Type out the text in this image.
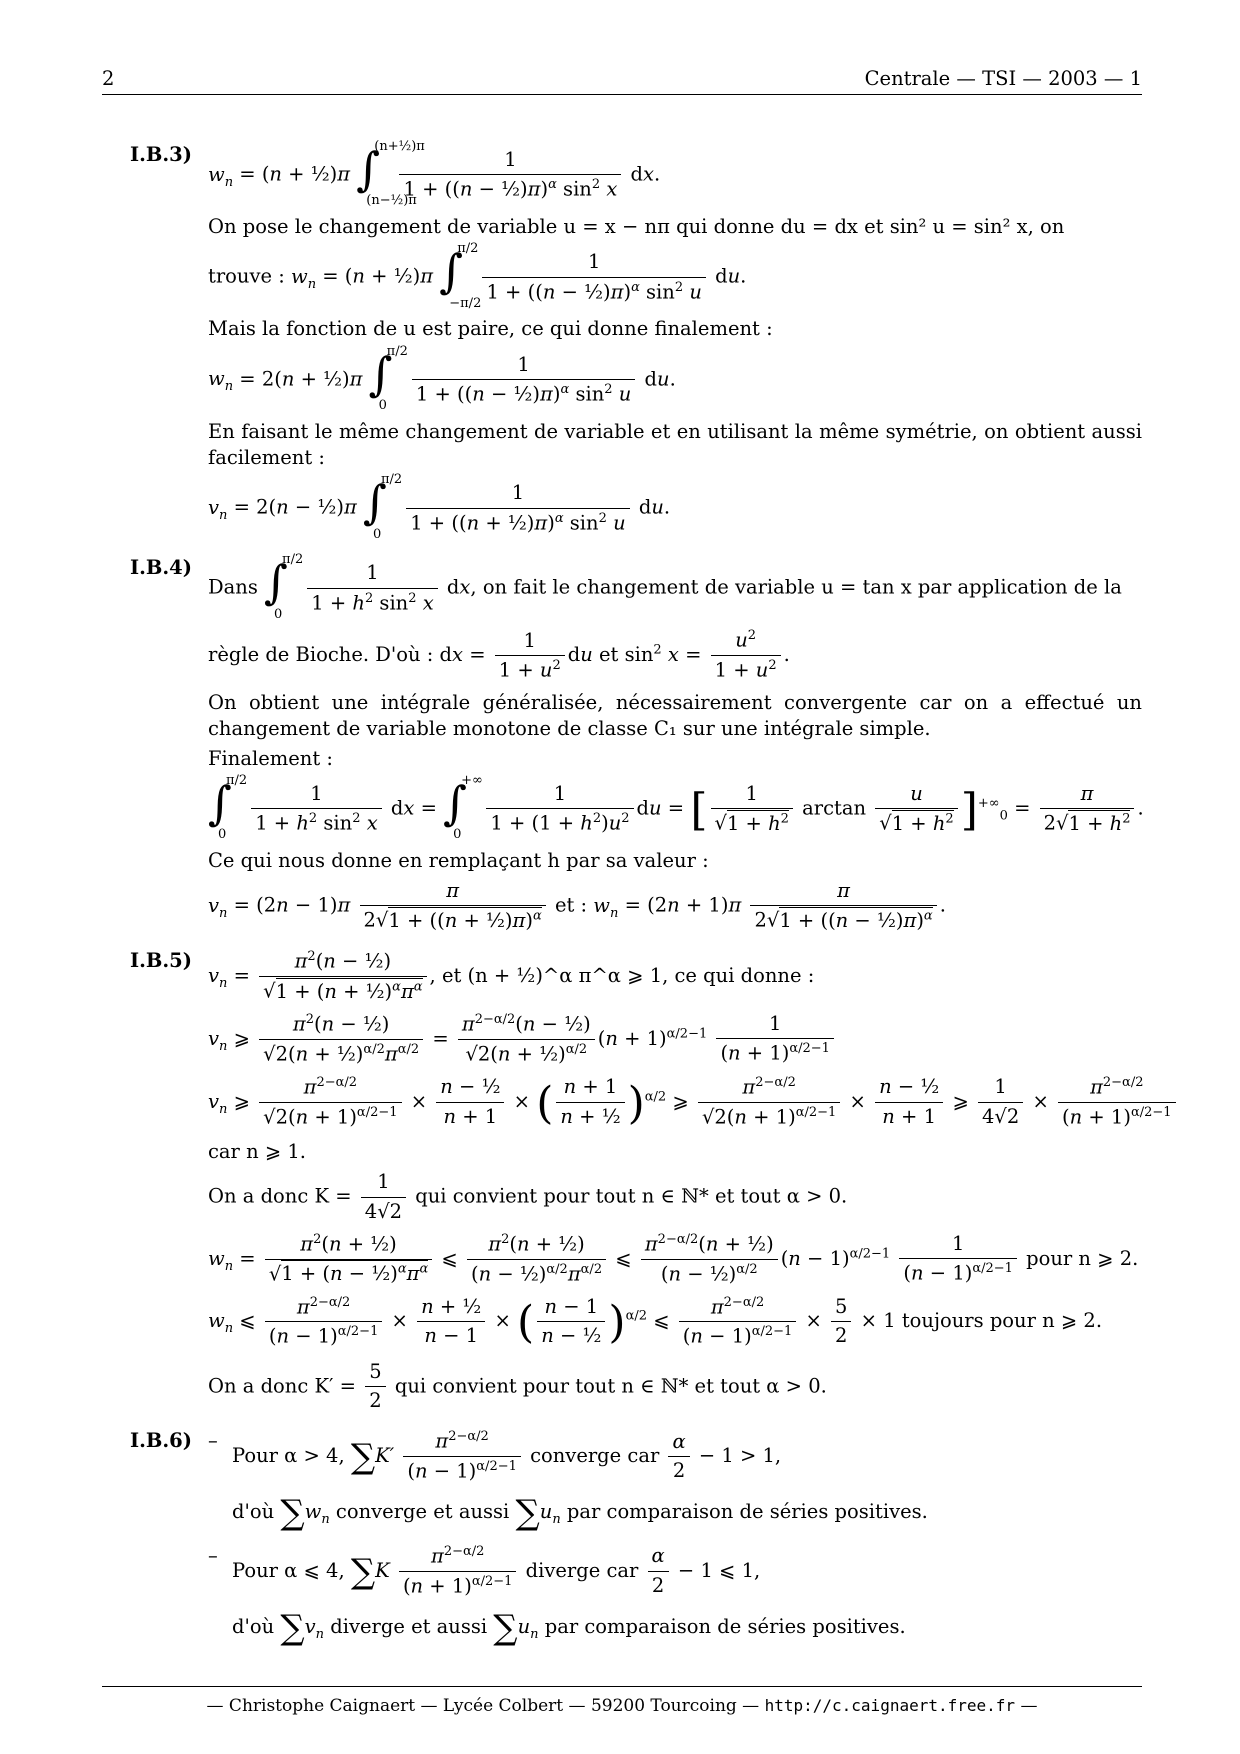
2	Centrale — TSI — 2003 — 1
I.B.3)
$w_n = (n$ + ½)π ∫
(n+½)π
(n−½)π

$\frac{1}{1 + ((n - \frac{1}{2})\pi)^\alpha \sin^2 x}$ dx.
On pose le changement de variable u = x − nπ qui donne du = dx et sin² u = sin² x, on
trouve : $w_n = (n$ + ½)π ∫
π/2
−π/2
$\frac{1}{1 + ((n - \frac{1}{2})\pi)^\alpha \sin^2 u}$ du.
Mais la fonction de u est paire, ce qui donne finalement :
$w_n = 2(n$ + ½)π ∫
π/2
0
$\frac{1}{1 + ((n - \frac{1}{2})\pi)^\alpha \sin^2 u}$ du.
En faisant le même changement de variable et en utilisant la même symétrie, on obtient aussi facilement :
$v_n = 2(n$ − ½)π ∫
π/2
0
$\frac{1}{1 + ((n + \frac{1}{2})\pi)^\alpha \sin^2 u}$ du.
I.B.4)
Dans ∫
π/2
0
$\frac{1}{1 + h^2 \sin^2 x}$ dx, on fait le changement de variable u = tan x par application de la
règle de Bioche. D'où : dx = $\frac{1}{1 + u^2}$ du et $\sin^2 x = \frac{u^2}{1 + u^2}$ .
On obtient une intégrale généralisée, nécessairement convergente car on a effectué un changement de variable monotone de classe C₁ sur une intégrale simple.
Finalement :
∫
π/2
0
$\frac{1}{1 + h^2 \sin^2 x}$ dx = ∫
+∞
0
$\frac{1}{1 + (1 + h^2)u^2}$ du = [ $\frac{1}{√1 + h^2}$ $\arctan \frac{u}{√1 + h^2} ]^{+\infty}_0 = \frac{\pi}{2√1 + h^2}$ .
Ce qui nous donne en remplaçant h par sa valeur :
$v_n = (2n - 1)\pi \frac{\pi}{2√1 + ((n + \frac{1}{2})\pi)^\alpha}$ et : $w_n = (2n + 1)\pi \frac{\pi}{2√1 + ((n - \frac{1}{2})\pi)^\alpha}$ .
I.B.5)
$v_n = \frac{\pi^2(n - \frac{1}{2})}{√1 + (n + \frac{1}{2})^\alpha\pi^\alpha}$ , et (n + ½)^α π^α ⩾ 1, ce qui donne :
$v_n$ ⩾ $\frac{\pi^2(n - \frac{1}{2})}{√2(n + \frac{1}{2})^{\alpha/2}\pi^{\alpha/2}} = \frac{\pi^{2-\alpha/2}(n - \frac{1}{2})}{√2(n + \frac{1}{2})^{\alpha/2}} (n + 1)^{\alpha/2-1} \frac{1}{(n + 1)^{\alpha/2-1}}$
$v_n$ ⩾ $\frac{\pi^{2-\alpha/2}}{√2(n + 1)^{\alpha/2-1}} \times \frac{\text{n − ½}}{n + 1}$ × ( $\frac{n + 1}{\text{n + ½}} )^{\alpha/2}$ ⩾ $\frac{\pi^{2-\alpha/2}}{√2(n + 1)^{\alpha/2-1}} \times \frac{\text{n − ½}}{n + 1}$ ⩾ $\frac{1}{4√2} \times \frac{\pi^{2-\alpha/2}}{(n + 1)^{\alpha/2-1}}$
car n ⩾ 1.
On a donc $K = \frac{1}{4√2}$ qui convient pour tout n ∈ ℕ* et tout α > 0.
$w_n = \frac{\pi^2(n + \frac{1}{2})}{√1 + (n - \frac{1}{2})^\alpha\pi^\alpha}$ ⩽ $\frac{\pi^2(n + \frac{1}{2})}{(n - \frac{1}{2})^{\alpha/2}\pi^{\alpha/2}}$ ⩽ $\frac{\pi^{2-\alpha/2}(n + \frac{1}{2})}{(n - \frac{1}{2})^{\alpha/2}} (n - 1)^{\alpha/2-1} \frac{1}{(n - 1)^{\alpha/2-1}}$ pour n ⩾ 2.
$w_n$ ⩽ $\frac{\pi^{2-\alpha/2}}{(n - 1)^{\alpha/2-1}} \times \frac{\text{n + ½}}{n - 1}$ × ( $\frac{n - 1}{\text{n − ½}} )^{\alpha/2}$ ⩽ $\frac{\pi^{2-\alpha/2}}{(n - 1)^{\alpha/2-1}} \times \frac{5}{2} \times 1$ toujours pour n ⩾ 2.
On a donc $K' = \frac{5}{2}$ qui convient pour tout n ∈ ℕ* et tout α > 0.
I.B.6) –
Pour α > 4, $\sum K' \frac{\pi^{2-\alpha/2}}{(n - 1)^{\alpha/2-1}}$ converge car $\frac{\alpha}{2} - 1 > 1$,
d'où $\sum w_n$ converge et aussi $\sum u_n$ par comparaison de séries positives.
–
Pour α ⩽ 4, $\sum K \frac{\pi^{2-\alpha/2}}{(n + 1)^{\alpha/2-1}}$ diverge car $\frac{\alpha}{2} - 1$ ⩽ 1,
d'où $\sum v_n$ diverge et aussi $\sum u_n$ par comparaison de séries positives.
— Christophe Caignaert — Lycée Colbert — 59200 Tourcoing — http://c.caignaert.free.fr —
